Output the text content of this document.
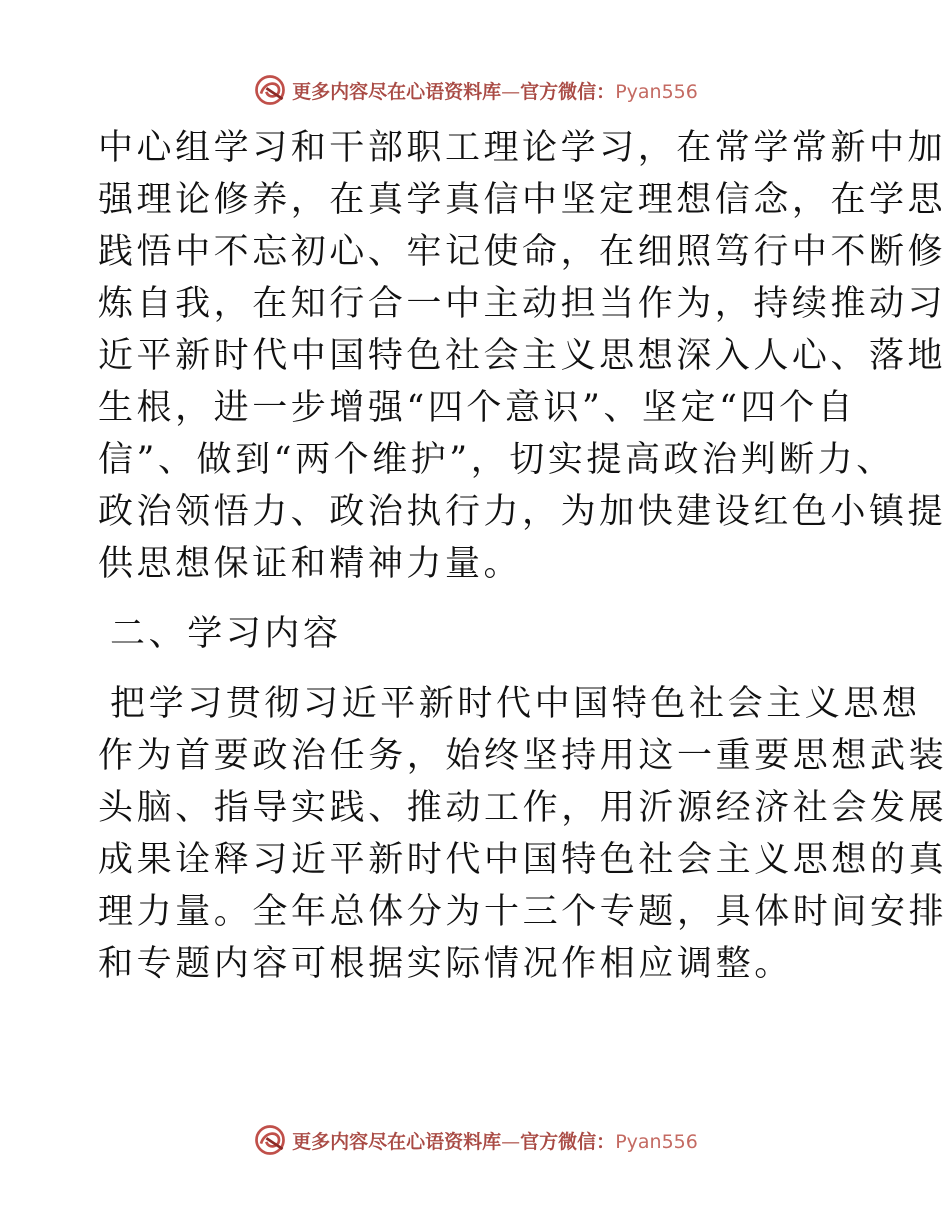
更多内容尽在心语资料库—官方微信：Pyan556
中心组学习和干部职工理论学习，在常学常新中加
强理论修养，在真学真信中坚定理想信念，在学思
践悟中不忘初心、牢记使命，在细照笃行中不断修
炼自我，在知行合一中主动担当作为，持续推动习
近平新时代中国特色社会主义思想深入人心、落地
生根，进一步增强“四个意识”、坚定“四个自
信”、做到“两个维护”，切实提高政治判断力、
政治领悟力、政治执行力，为加快建设红色小镇提
供思想保证和精神力量。
二、学习内容
把学习贯彻习近平新时代中国特色社会主义思想
作为首要政治任务，始终坚持用这一重要思想武装
头脑、指导实践、推动工作，用沂源经济社会发展
成果诠释习近平新时代中国特色社会主义思想的真
理力量。全年总体分为十三个专题，具体时间安排
和专题内容可根据实际情况作相应调整。
更多内容尽在心语资料库—官方微信：Pyan556
